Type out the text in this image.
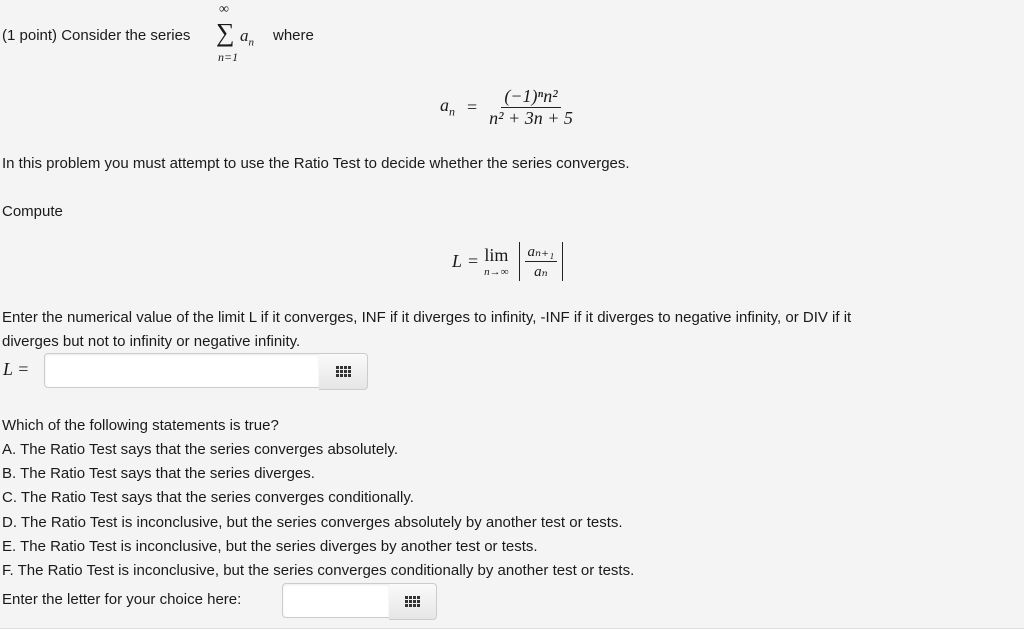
(1 point) Consider the series
∞
∑
n=1
$a_n$ where
$a_n = \frac{\text{(−1)ⁿn²}}{\text{n² + 3n + 5}}$
In this problem you must attempt to use the Ratio Test to decide whether the series converges.
Compute
L = lim
$n\to\infty \frac{\text{aₙ₊₁}}{\text{aₙ}}$
Enter the numerical value of the limit L if it converges, INF if it diverges to infinity, -INF if it diverges to negative infinity, or DIV if it
diverges but not to infinity or negative infinity.
L =
Which of the following statements is true?
A. The Ratio Test says that the series converges absolutely.
B. The Ratio Test says that the series diverges.
C. The Ratio Test says that the series converges conditionally.
D. The Ratio Test is inconclusive, but the series converges absolutely by another test or tests.
E. The Ratio Test is inconclusive, but the series diverges by another test or tests.
F. The Ratio Test is inconclusive, but the series converges conditionally by another test or tests.
Enter the letter for your choice here:
